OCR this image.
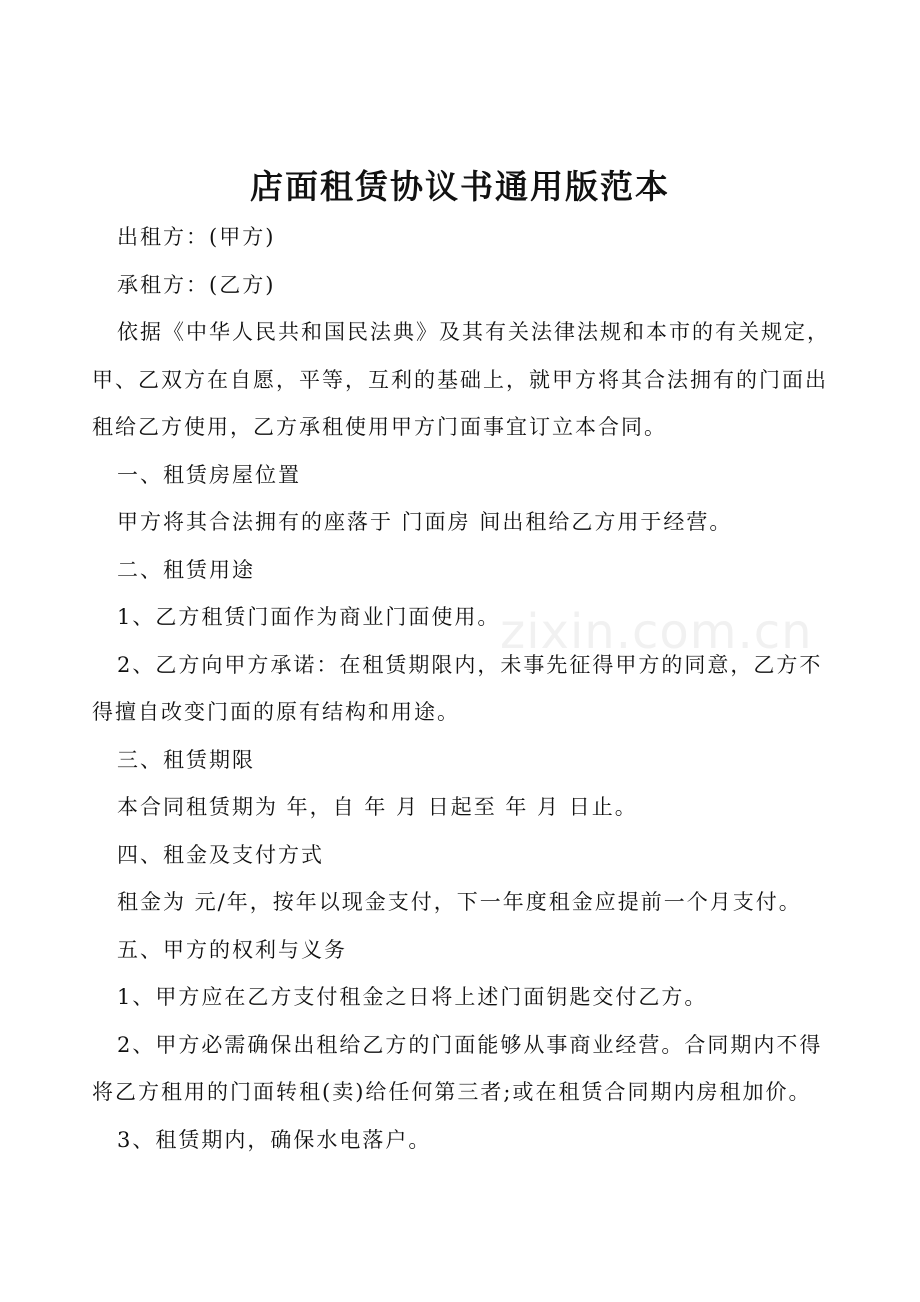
店面租赁协议书通用版范本

出租方：(甲方)

承租方：(乙方)

依据《中华人民共和国民法典》及其有关法律法规和本市的有关规定，甲、乙双方在自愿，平等，互利的基础上，就甲方将其合法拥有的门面出租给乙方使用，乙方承租使用甲方门面事宜订立本合同。

一、租赁房屋位置

甲方将其合法拥有的座落于 门面房 间出租给乙方用于经营。

二、租赁用途

1、乙方租赁门面作为商业门面使用。

2、乙方向甲方承诺：在租赁期限内，未事先征得甲方的同意，乙方不得擅自改变门面的原有结构和用途。

三、租赁期限

本合同租赁期为 年，自 年 月 日起至 年 月 日止。

四、租金及支付方式

租金为 元/年，按年以现金支付，下一年度租金应提前一个月支付。

五、甲方的权利与义务

1、甲方应在乙方支付租金之日将上述门面钥匙交付乙方。

2、甲方必需确保出租给乙方的门面能够从事商业经营。合同期内不得将乙方租用的门面转租(卖)给任何第三者;或在租赁合同期内房租加价。

3、租赁期内，确保水电落户。

zixin.com.cn
